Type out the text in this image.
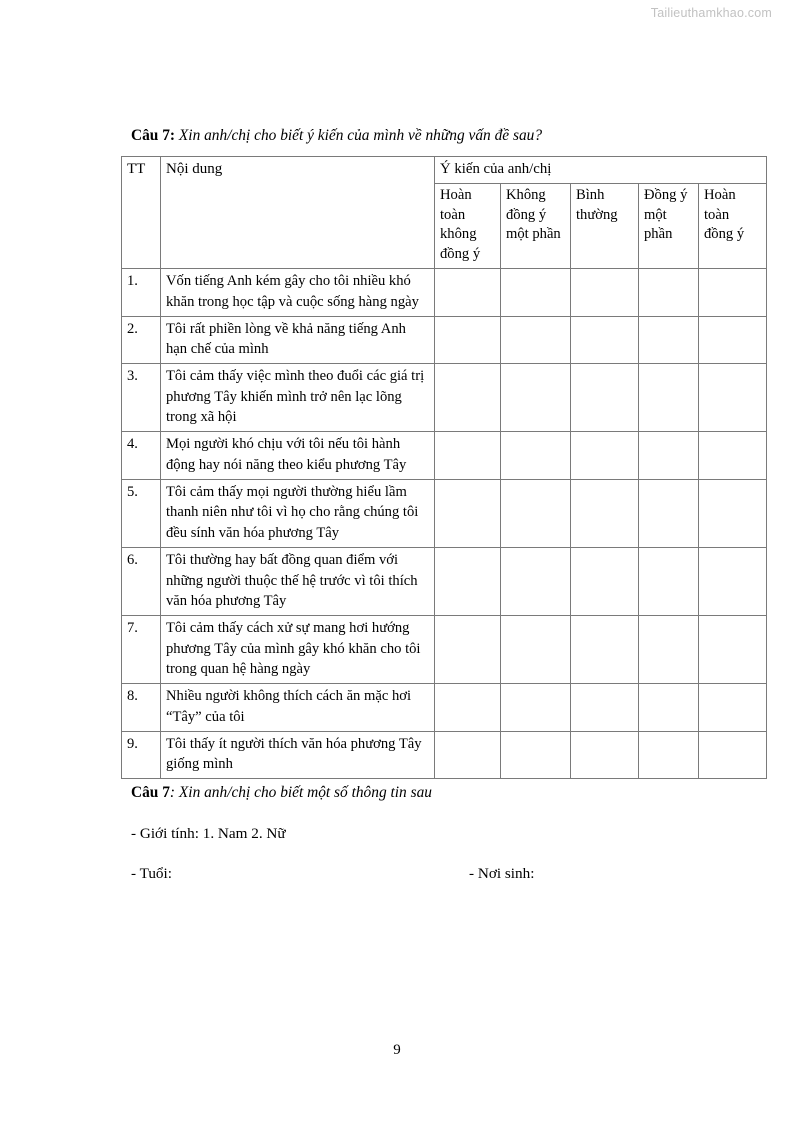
Tailieuthamkhao.com
Câu 7: Xin anh/chị cho biết ý kiến của mình về những vấn đề sau?
TT	Nội dung	Ý kiến của anh/chị				
		Hoàn toàn không đồng ý	Không đồng ý một phần	Bình thường	Đồng ý một phần	Hoàn toàn đồng ý
1.	Vốn tiếng Anh kém gây cho tôi nhiều khó khăn trong học tập và cuộc sống hàng ngày					
2.	Tôi rất phiền lòng về khả năng tiếng Anh hạn chế của mình					
3.	Tôi cảm thấy việc mình theo đuổi các giá trị phương Tây khiến mình trở nên lạc lõng trong xã hội					
4.	Mọi người khó chịu với tôi nếu tôi hành động hay nói năng theo kiểu phương Tây					
5.	Tôi cảm thấy mọi người thường hiểu lầm thanh niên như tôi vì họ cho rằng chúng tôi đều sính văn hóa phương Tây					
6.	Tôi thường hay bất đồng quan điểm với những người thuộc thế hệ trước vì tôi thích văn hóa phương Tây					
7.	Tôi cảm thấy cách xử sự mang hơi hướng phương Tây của mình gây khó khăn cho tôi trong quan hệ hàng ngày					
8.	Nhiều người không thích cách ăn mặc hơi “Tây” của tôi					
9.	Tôi thấy ít người thích văn hóa phương Tây giống mình					
Câu 7: Xin anh/chị cho biết một số thông tin sau
- Giới tính: 1. Nam 2. Nữ
- Tuổi:	- Nơi sinh:
9
